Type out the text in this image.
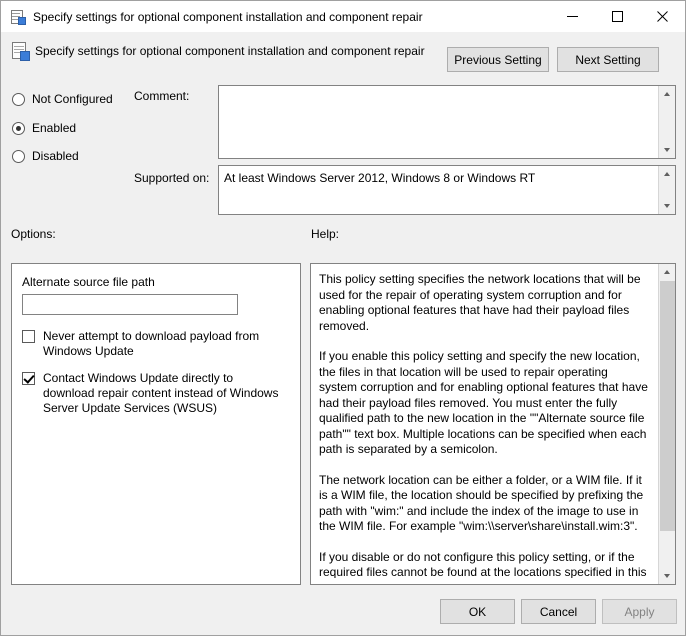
Specify settings for optional component installation and component repair
Specify settings for optional component installation and component repair
Previous Setting	Next Setting
Not Configured
Enabled
Disabled
Comment:
Supported on: At least Windows Server 2012, Windows 8 or Windows RT
Options:	Help:
Alternate source file path
Never attempt to download payload from Windows Update
Contact Windows Update directly to download repair content instead of Windows Server Update Services (WSUS)

This policy setting specifies the network locations that will be used for the repair of operating system corruption and for enabling optional features that have had their payload files removed.

If you enable this policy setting and specify the new location, the files in that location will be used to repair operating system corruption and for enabling optional features that have had their payload files removed. You must enter the fully qualified path to the new location in the ""Alternate source file path"" text box. Multiple locations can be specified when each path is separated by a semicolon.

The network location can be either a folder, or a WIM file. If it is a WIM file, the location should be specified by prefixing the path with "wim:" and include the index of the image to use in the WIM file. For example "wim:\\server\share\install.wim:3".

If you disable or do not configure this policy setting, or if the required files cannot be found at the locations specified in this

OK	Cancel	Apply
